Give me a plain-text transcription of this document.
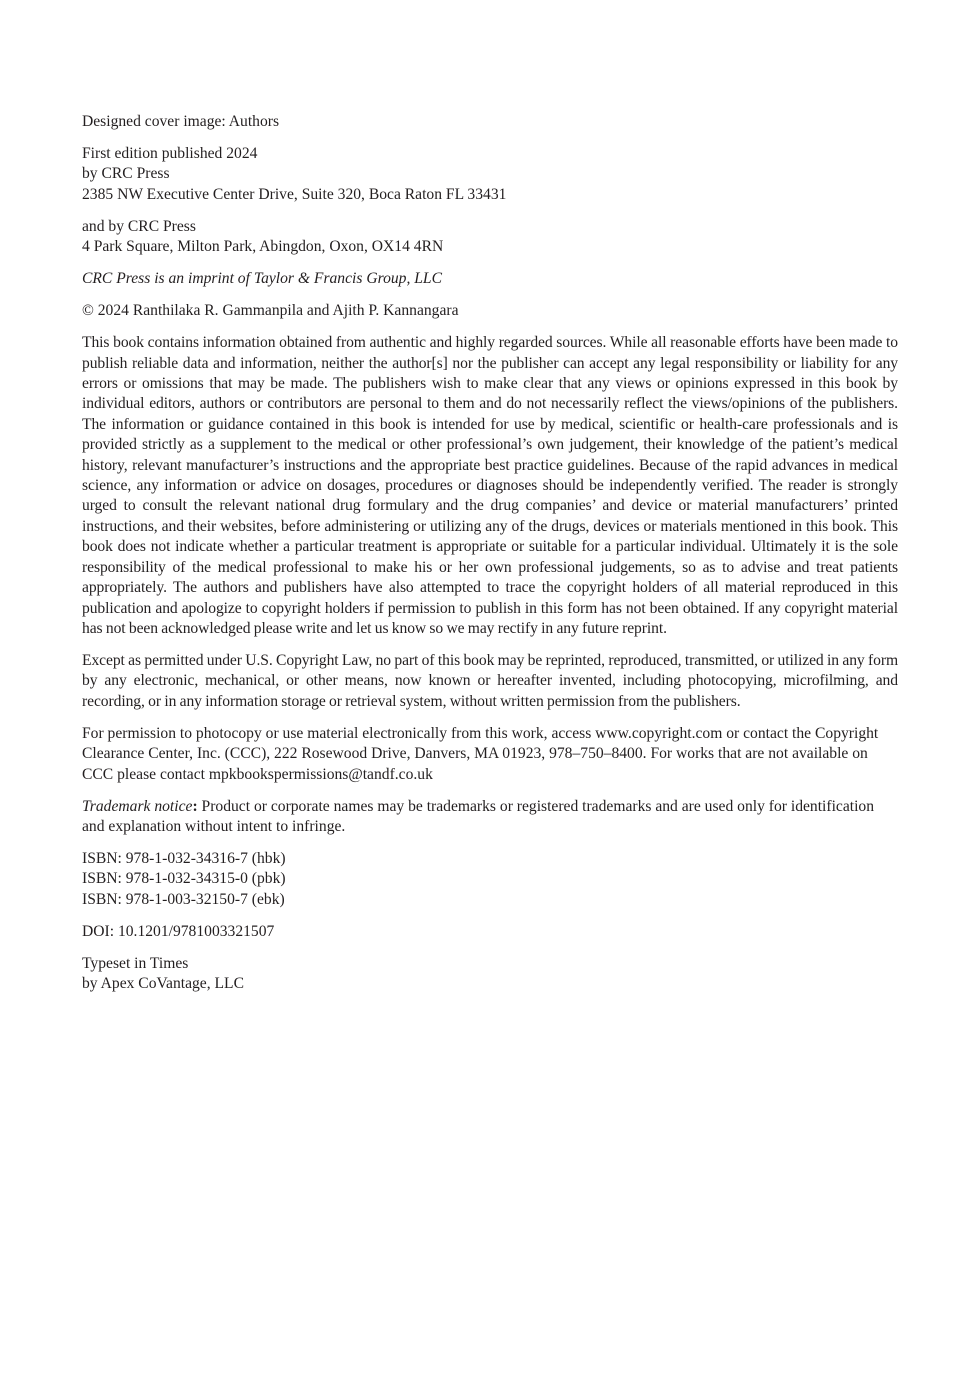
Designed cover image: Authors
First edition published 2024
by CRC Press
2385 NW Executive Center Drive, Suite 320, Boca Raton FL 33431
and by CRC Press
4 Park Square, Milton Park, Abingdon, Oxon, OX14 4RN
CRC Press is an imprint of Taylor & Francis Group, LLC
© 2024 Ranthilaka R. Gammanpila and Ajith P. Kannangara

This book contains information obtained from authentic and highly regarded sources. While all reasonable efforts have been made to publish reliable data and information, neither the author[s] nor the publisher can accept any legal responsibility or liability for any errors or omissions that may be made. The publishers wish to make clear that any views or opinions expressed in this book by individual editors, authors or contributors are personal to them and do not necessarily reflect the views/opinions of the publishers. The information or guidance contained in this book is intended for use by medical, scientific or health-care professionals and is provided strictly as a supplement to the medical or other professional’s own judgement, their knowledge of the patient’s medical history, relevant manufacturer’s instructions and the appropriate best practice guidelines. Because of the rapid advances in medical science, any information or advice on dosages, procedures or diagnoses should be independently verified. The reader is strongly urged to consult the relevant national drug formulary and the drug companies’ and device or material manufacturers’ printed instructions, and their websites, before administering or utilizing any of the drugs, devices or materials mentioned in this book. This book does not indicate whether a particular treatment is appropriate or suitable for a particular individual. Ultimately it is the sole responsibility of the medical professional to make his or her own professional judgements, so as to advise and treat patients appropriately. The authors and publishers have also attempted to trace the copyright holders of all material reproduced in this publication and apologize to copyright holders if permission to publish in this form has not been obtained. If any copyright material has not been acknowledged please write and let us know so we may rectify in any future reprint.

Except as permitted under U.S. Copyright Law, no part of this book may be reprinted, reproduced, transmitted, or utilized in any form by any electronic, mechanical, or other means, now known or hereafter invented, including photocopying, microfilming, and recording, or in any information storage or retrieval system, without written permission from the publishers.

For permission to photocopy or use material electronically from this work, access www.copyright.com or contact the Copyright Clearance Center, Inc. (CCC), 222 Rosewood Drive, Danvers, MA 01923, 978–750–8400. For works that are not available on CCC please contact mpkbookspermissions@tandf.co.uk

Trademark notice: Product or corporate names may be trademarks or registered trademarks and are used only for identification and explanation without intent to infringe.

ISBN: 978-1-032-34316-7 (hbk)
ISBN: 978-1-032-34315-0 (pbk)
ISBN: 978-1-003-32150-7 (ebk)
DOI: 10.1201/9781003321507
Typeset in Times
by Apex CoVantage, LLC
